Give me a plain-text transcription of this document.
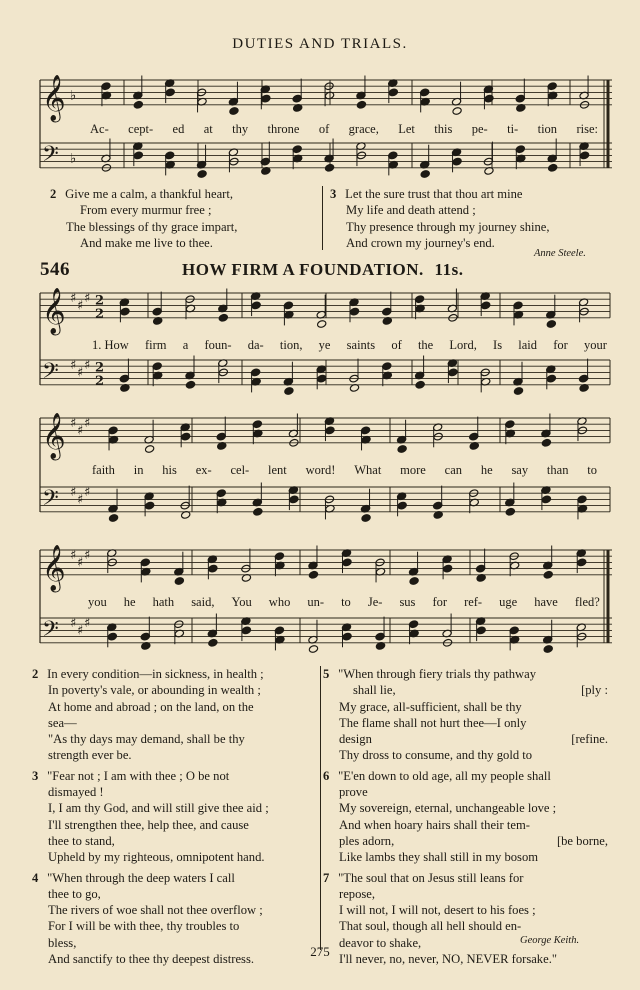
DUTIES AND TRIALS.
𝄞 ♭
𝄢 ♭
𝄞 ♯ ♯ ♯ 2
2
𝄢 ♯ ♯ ♯ 2
2
𝄞 ♯ ♯ ♯
𝄢 ♯ ♯ ♯
𝄞 ♯ ♯ ♯
𝄢 ♯ ♯ ♯
Ac- cept- ed at thy throne of grace, Let this pe- ti- tion rise:
2 Give me a calm, a thankful heart,
From every murmur free ;
The blessings of thy grace impart,
And make me live to thee.
3 Let the sure trust that thou art mine
My life and death attend ;
Thy presence through my journey shine,
And crown my journey's end.
Anne Steele.
546	HOW FIRM A FOUNDATION. 11s.
1. How firm a foun- da- tion, ye saints of the Lord, Is laid for your
faith in his ex- cel- lent word! What more can he say than to
you he hath said, You who un- to Je- sus for ref- uge have fled?
2 In every condition—in sickness, in health ;
In poverty's vale, or abounding in wealth ;
At home and abroad ; on the land, on the
sea—
"As thy days may demand, shall be thy
strength ever be.
3 "Fear not ; I am with thee ; O be not
dismayed !
I, I am thy God, and will still give thee aid ;
I'll strengthen thee, help thee, and cause
thee to stand,
Upheld by my righteous, omnipotent hand.
4 "When through the deep waters I call
thee to go,
The rivers of woe shall not thee overflow ;
For I will be with thee, thy troubles to
bless,
And sanctify to thee thy deepest distress.
5 "When through fiery trials thy pathway
shall lie,	[ply :
My grace, all-sufficient, shall be thy
The flame shall not hurt thee—I only
design	[refine.
Thy dross to consume, and thy gold to
6 "E'en down to old age, all my people shall
prove
My sovereign, eternal, unchangeable love ;
And when hoary hairs shall their tem-
ples adorn,	[be borne,
Like lambs they shall still in my bosom
7 "The soul that on Jesus still leans for
repose,
I will not, I will not, desert to his foes ;
That soul, though all hell should en-
deavor to shake,
I'll never, no, never, NO, NEVER forsake."
George Keith.
275
